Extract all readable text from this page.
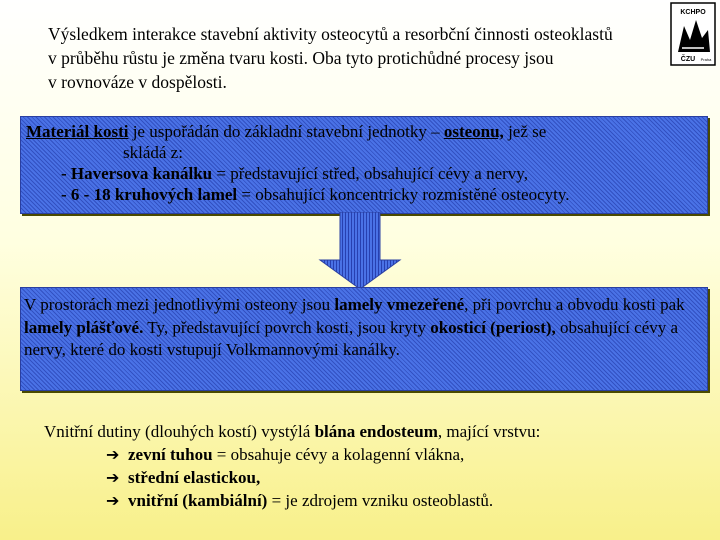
Výsledkem interakce stavební aktivity osteocytů a resorbční činnosti osteoklastů
v průběhu růstu je změna tvaru kosti. Oba tyto protichůdné procesy jsou
v rovnováze v dospělosti.

KCHPO
ČZU Praha

Materiál kosti je uspořádán do základní stavební jednotky – osteonu, jež se
skládá z:
- Haversova kanálku = představující střed, obsahující cévy a nervy,
- 6 - 18 kruhových lamel = obsahující koncentricky rozmístěné osteocyty.

V prostorách mezi jednotlivými osteony jsou lamely vmezeřené, při povrchu a obvodu kosti pak lamely plášťové. Ty, představující povrch kosti, jsou kryty okosticí (periost), obsahující cévy a nervy, které do kosti vstupují Volkmannovými kanálky.

Vnitřní dutiny (dlouhých kostí) vystýlá blána endosteum, mající vrstvu:
➔ zevní tuhou = obsahuje cévy a kolagenní vlákna,
➔ střední elastickou,
➔ vnitřní (kambiální) = je zdrojem vzniku osteoblastů.
